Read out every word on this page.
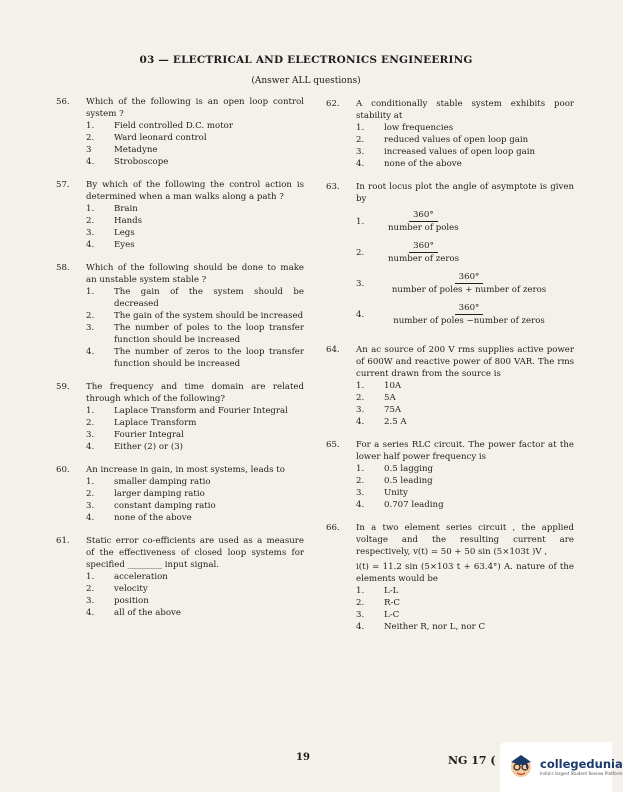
03 — ELECTRICAL AND ELECTRONICS ENGINEERING
(Answer ALL questions)
56.	Which of the following is an open loop control system ?
1.	Field controlled D.C. motor
2.	Ward leonard control
3	Metadyne
4.	Stroboscope
57.	By which of the following the control action is determined when a man walks along a path ?
1.	Brain
2.	Hands
3.	Legs
4.	Eyes
58.	Which of the following should be done to make an unstable system stable ?
1.	The gain of the system should be decreased
2.	The gain of the system should be increased
3.	The number of poles to the loop transfer function should be increased
4.	The number of zeros to the loop transfer function should be increased
59.	The frequency and time domain are related through which of the following?
1.	Laplace Transform and Fourier Integral
2.	Laplace Transform
3.	Fourier Integral
4.	Either (2) or (3)
60.	An increase in gain, in most systems, leads to
1.	smaller damping ratio
2.	larger damping ratio
3.	constant damping ratio
4.	none of the above
61.	Static error co-efficients are used as a measure of the effectiveness of closed loop systems for specified ________ input signal.
1.	acceleration
2.	velocity
3.	position
4.	all of the above
62.	A conditionally stable system exhibits poor stability at
1.	low frequencies
2.	reduced values of open loop gain
3.	increased values of open loop gain
4.	none of the above
63.	In root locus plot the angle of asymptote is given by
1.	$\frac{360^\circ}{\text{number of poles}}$
2.	$\frac{360^\circ}{\text{number of zeros}}$
3.	$\frac{360^\circ}{\text{number of poles + number of zeros}}$
4.	$\frac{360^\circ}{\text{number of poles −number of zeros}}$
64.	An ac source of 200 V rms supplies active power of 600W and reactive power of 800 VAR. The rms current drawn from the source is
1.	10A
2.	5A
3.	75A
4.	2.5 A
65.	For a series RLC circuit. The power factor at the lower half power frequency is
1.	0.5 lagging
2.	0.5 leading
3.	Unity
4.	0.707 leading
66.	In a two element series circuit , the applied voltage and the resulting current are respectively, v(t) = 50 + 50 sin (5×103t )V ,
i(t) = 11.2 sin (5×103 t + 63.4°) A. nature of the elements would be
1.	L-L
2.	R-C
3.	L-C
4.	Neither R, nor L, nor C
19	NG 17 (	collegedunia
India's largest Student Review Platform
